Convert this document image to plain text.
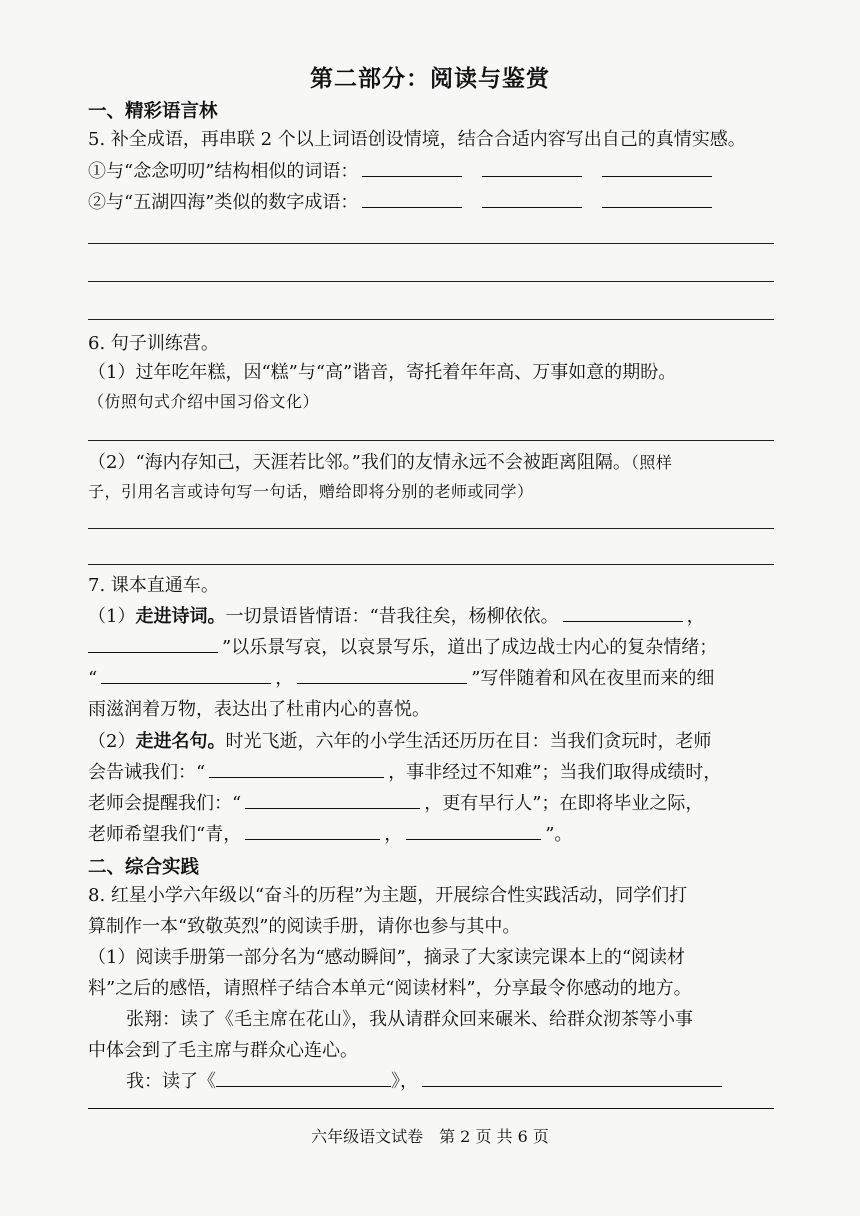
第二部分：阅读与鉴赏
一、精彩语言林
5. 补全成语，再串联 2 个以上词语创设情境，结合合适内容写出自己的真情实感。
①与“念念叨叨”结构相似的词语：
②与“五湖四海”类似的数字成语：
6. 句子训练营。
（1）过年吃年糕，因“糕”与“高”谐音，寄托着年年高、万事如意的期盼。
（仿照句式介绍中国习俗文化）
（2）“海内存知己，天涯若比邻。”我们的友情永远不会被距离阻隔。（照样
子，引用名言或诗句写一句话，赠给即将分别的老师或同学）
7. 课本直通车。
（1）走进诗词。一切景语皆情语：“昔我往矣，杨柳依依。	，
”以乐景写哀，以哀景写乐，道出了成边战士内心的复杂情绪；
“	，	”写伴随着和风在夜里而来的细
雨滋润着万物，表达出了杜甫内心的喜悦。
（2）走进名句。时光飞逝，六年的小学生活还历历在目：当我们贪玩时，老师
会告诫我们：“	，事非经过不知难”；当我们取得成绩时，
老师会提醒我们：“	，更有早行人”；在即将毕业之际，
老师希望我们“青，	，	”。
二、综合实践
8. 红星小学六年级以“奋斗的历程”为主题，开展综合性实践活动，同学们打
算制作一本“致敬英烈”的阅读手册，请你也参与其中。
（1）阅读手册第一部分名为“感动瞬间”，摘录了大家读完课本上的“阅读材
料”之后的感悟，请照样子结合本单元“阅读材料”，分享最令你感动的地方。
张翔：读了《毛主席在花山》，我从请群众回来碾米、给群众沏茶等小事
中体会到了毛主席与群众心连心。
我：读了《	》，
六年级语文试卷　第 2 页 共 6 页
